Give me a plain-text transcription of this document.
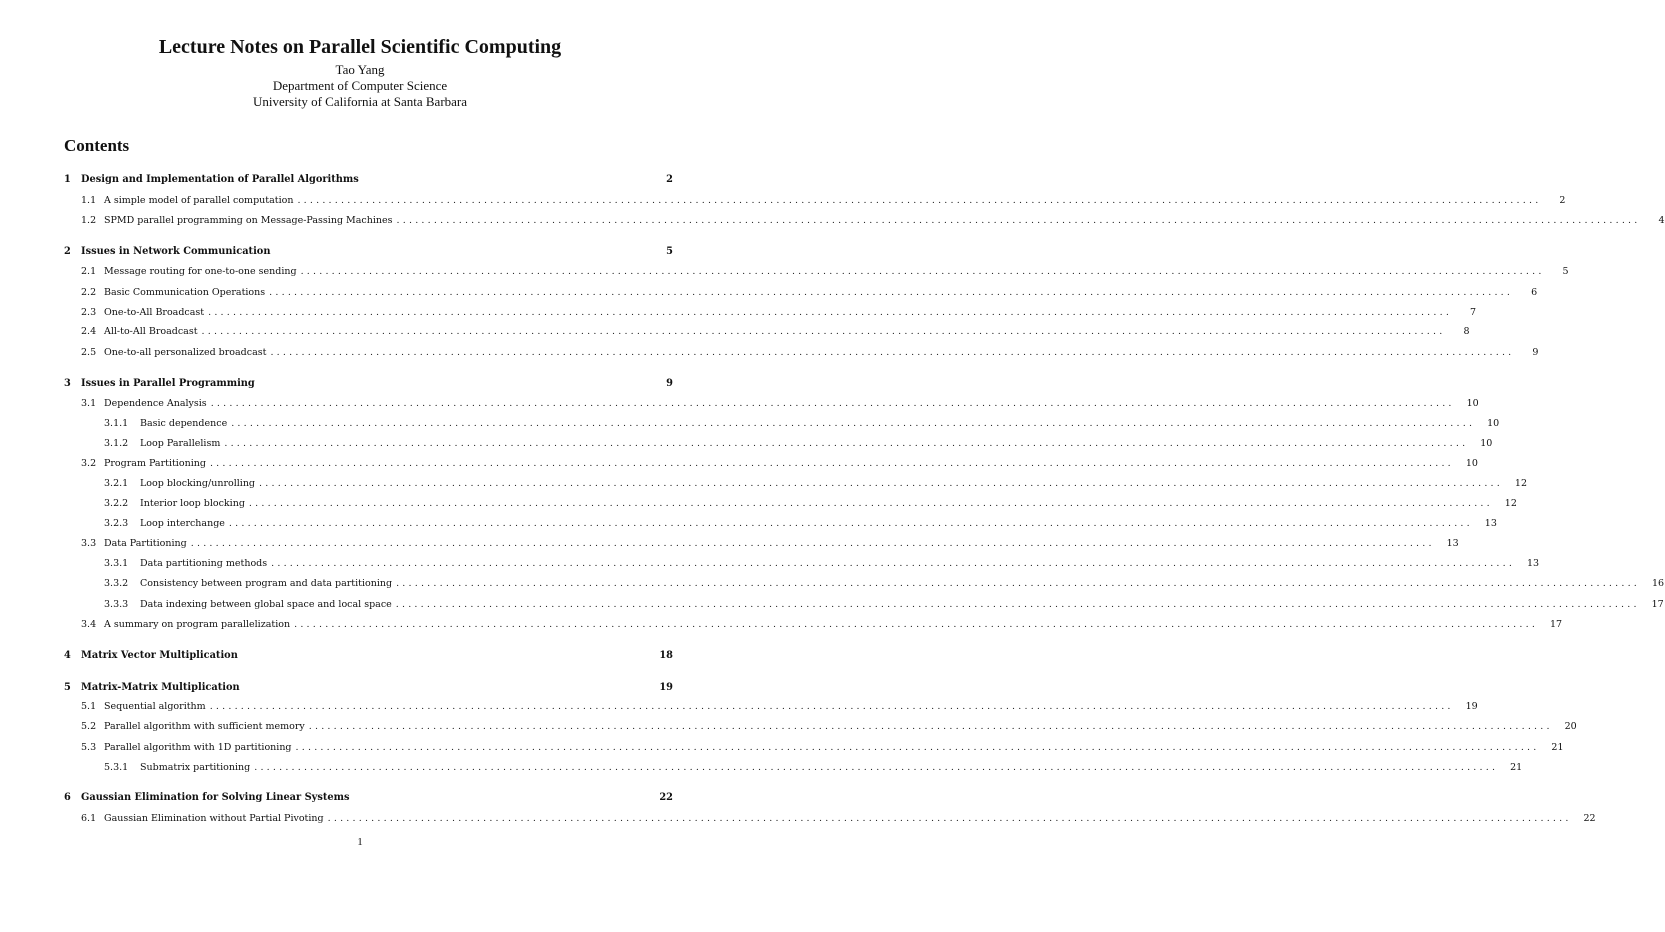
Lecture Notes on Parallel Scientific Computing
Tao Yang
Department of Computer Science
University of California at Santa Barbara
Contents
1 Design and Implementation of Parallel Algorithms	2
1.1 A simple model of parallel computation ........................................................................................................................................................................................................	2
1.2 SPMD parallel programming on Message-Passing Machines ........................................................................................................................................................................................................	4
2 Issues in Network Communication	5
2.1 Message routing for one-to-one sending ........................................................................................................................................................................................................	5
2.2 Basic Communication Operations ........................................................................................................................................................................................................	6
2.3 One-to-All Broadcast ........................................................................................................................................................................................................	7
2.4 All-to-All Broadcast ........................................................................................................................................................................................................	8
2.5 One-to-all personalized broadcast ........................................................................................................................................................................................................	9
3 Issues in Parallel Programming	9
3.1 Dependence Analysis ........................................................................................................................................................................................................	10
3.1.1 Basic dependence ........................................................................................................................................................................................................	10
3.1.2 Loop Parallelism ........................................................................................................................................................................................................	10
3.2 Program Partitioning ........................................................................................................................................................................................................	10
3.2.1 Loop blocking/unrolling ........................................................................................................................................................................................................	12
3.2.2 Interior loop blocking ........................................................................................................................................................................................................	12
3.2.3 Loop interchange ........................................................................................................................................................................................................	13
3.3 Data Partitioning ........................................................................................................................................................................................................	13
3.3.1 Data partitioning methods ........................................................................................................................................................................................................	13
3.3.2 Consistency between program and data partitioning ........................................................................................................................................................................................................	16
3.3.3 Data indexing between global space and local space ........................................................................................................................................................................................................	17
3.4 A summary on program parallelization ........................................................................................................................................................................................................	17
4 Matrix Vector Multiplication	18
5 Matrix-Matrix Multiplication	19
5.1 Sequential algorithm ........................................................................................................................................................................................................	19
5.2 Parallel algorithm with sufficient memory ........................................................................................................................................................................................................	20
5.3 Parallel algorithm with 1D partitioning ........................................................................................................................................................................................................	21
5.3.1 Submatrix partitioning ........................................................................................................................................................................................................	21
6 Gaussian Elimination for Solving Linear Systems	22
6.1 Gaussian Elimination without Partial Pivoting ........................................................................................................................................................................................................	22
1
